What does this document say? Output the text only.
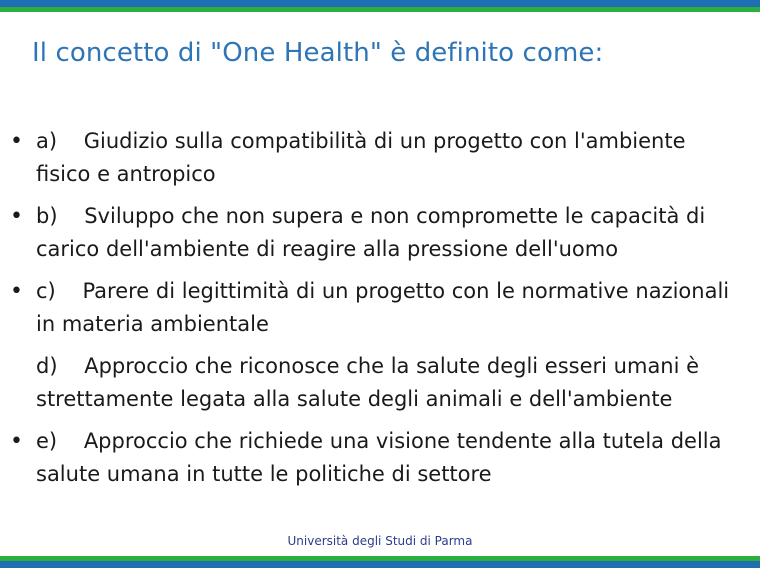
Il concetto di "One Health" è definito come:
• a)    Giudizio sulla compatibilità di un progetto con l'ambiente fisico e antropico
• b)    Sviluppo che non supera e non compromette le capacità di carico dell'ambiente di reagire alla pressione dell'uomo
• c)    Parere di legittimità di un progetto con le normative nazionali in materia ambientale
d)    Approccio che riconosce che la salute degli esseri umani è strettamente legata alla salute degli animali e dell'ambiente
• e)    Approccio che richiede una visione tendente alla tutela della salute umana in tutte le politiche di settore
Università degli Studi di Parma
